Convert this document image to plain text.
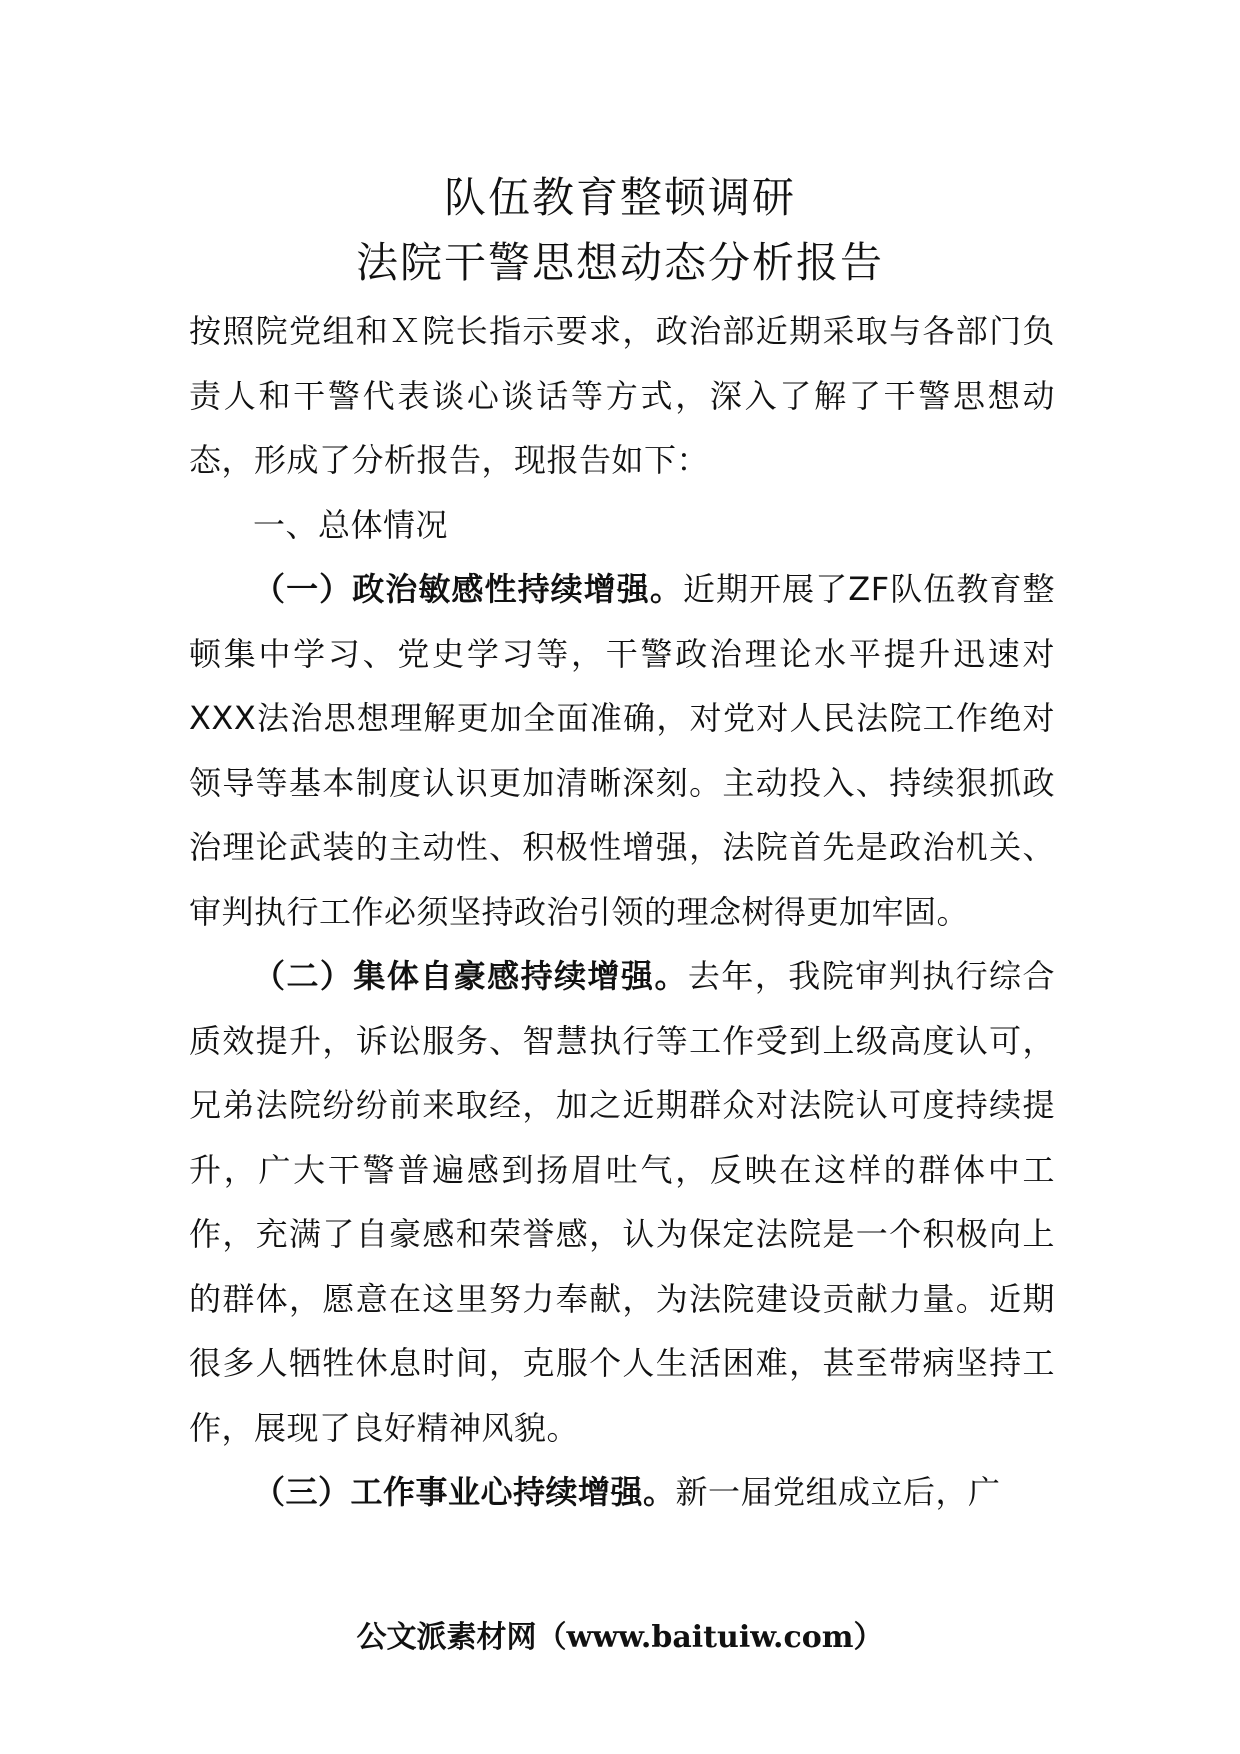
队伍教育整顿调研
法院干警思想动态分析报告

按照院党组和Ｘ院长指示要求，政治部近期采取与各部门负责人和干警代表谈心谈话等方式，深入了解了干警思想动态，形成了分析报告，现报告如下：

一、总体情况

（一）政治敏感性持续增强。近期开展了ZF队伍教育整顿集中学习、党史学习等，干警政治理论水平提升迅速对XXX法治思想理解更加全面准确，对党对人民法院工作绝对领导等基本制度认识更加清晰深刻。主动投入、持续狠抓政治理论武装的主动性、积极性增强，法院首先是政治机关、审判执行工作必须坚持政治引领的理念树得更加牢固。

（二）集体自豪感持续增强。去年，我院审判执行综合质效提升，诉讼服务、智慧执行等工作受到上级高度认可，兄弟法院纷纷前来取经，加之近期群众对法院认可度持续提升，广大干警普遍感到扬眉吐气，反映在这样的群体中工作，充满了自豪感和荣誉感，认为保定法院是一个积极向上的群体，愿意在这里努力奉献，为法院建设贡献力量。近期很多人牺牲休息时间，克服个人生活困难，甚至带病坚持工作，展现了良好精神风貌。

（三）工作事业心持续增强。新一届党组成立后，广

公文派素材网（www.baituiw.com）
